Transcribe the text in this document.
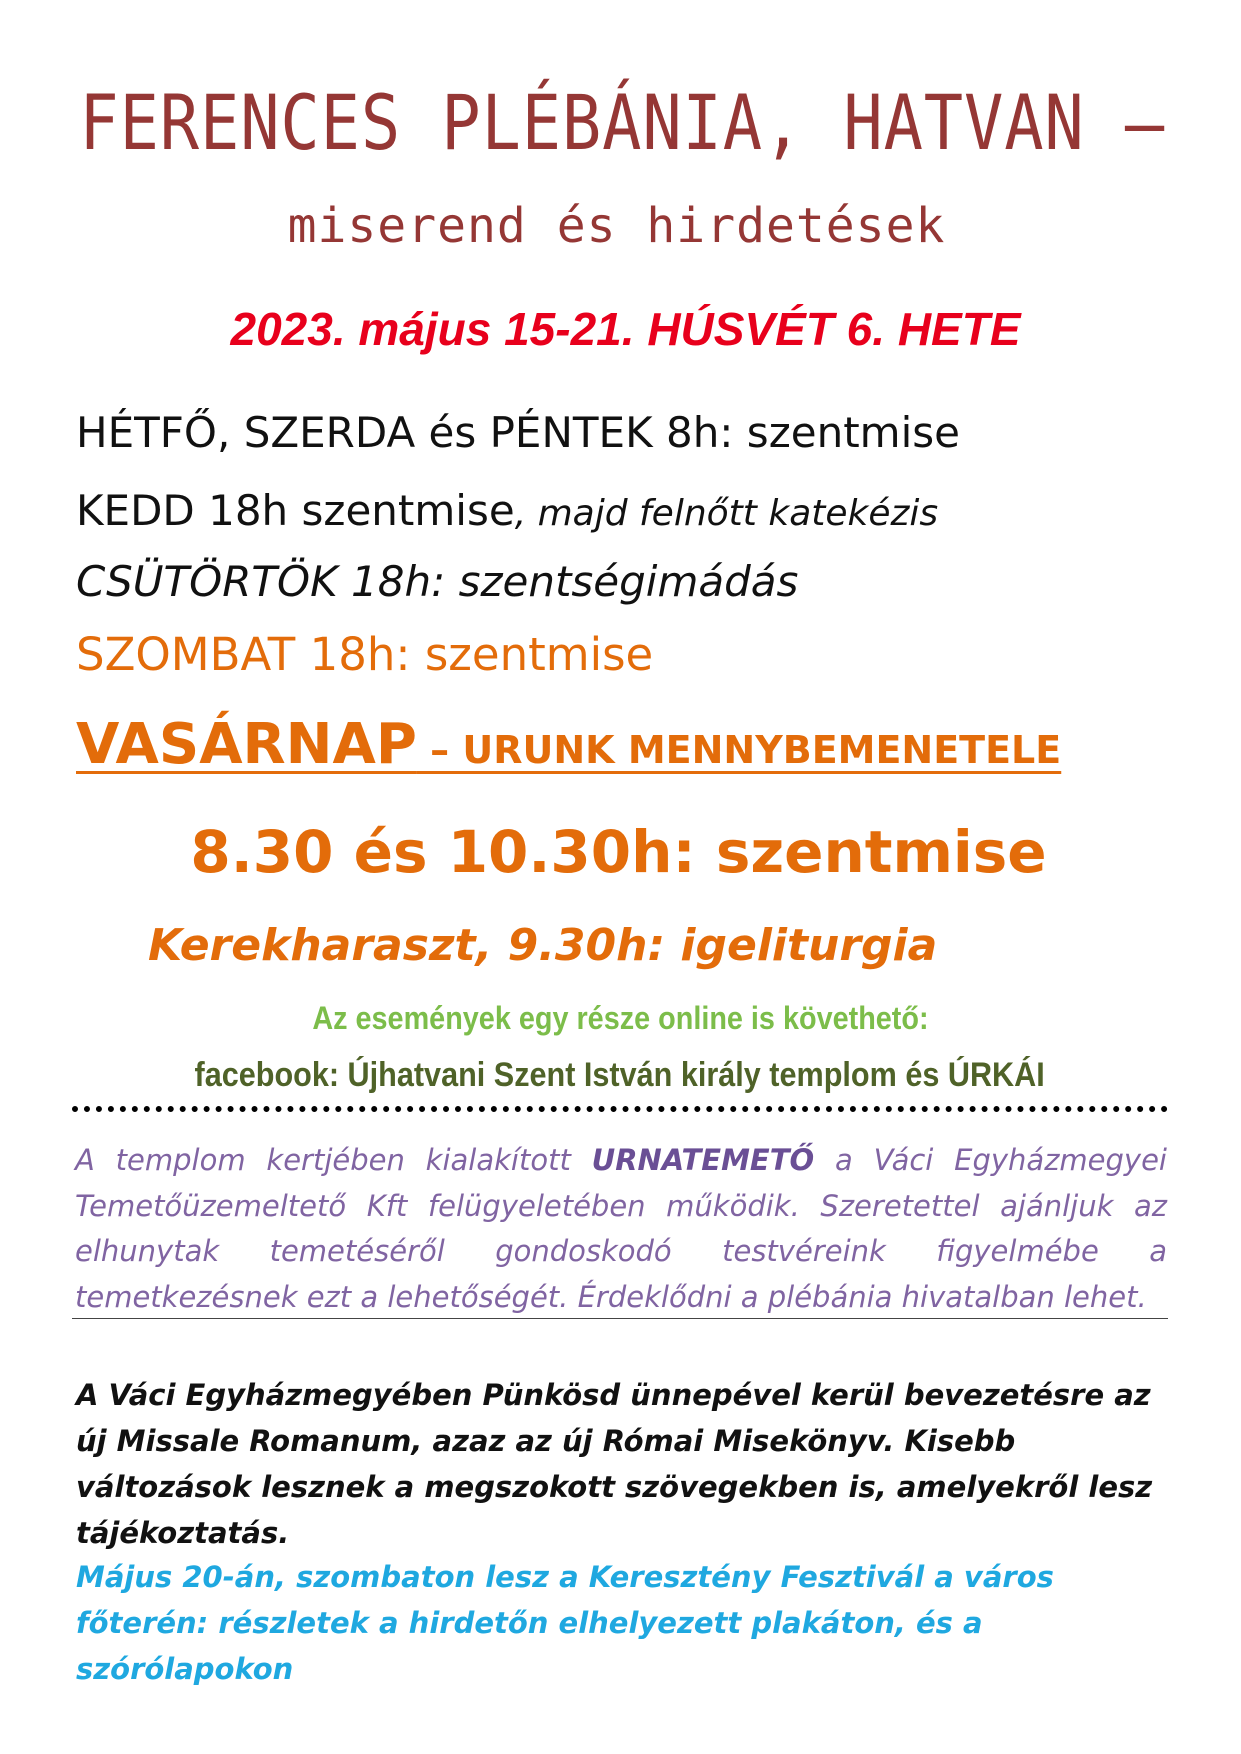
FERENCES PLÉBÁNIA, HATVAN –
miserend és hirdetések
2023. május 15-21. HÚSVÉT 6. HETE
HÉTFŐ, SZERDA és PÉNTEK 8h: szentmise
KEDD 18h szentmise, majd felnőtt katekézis
CSÜTÖRTÖK 18h: szentségimádás
SZOMBAT 18h: szentmise
VASÁRNAP – URUNK MENNYBEMENETELE
8.30 és 10.30h: szentmise
Kerekharaszt, 9.30h: igeliturgia
Az események egy része online is követhető:
facebook: Újhatvani Szent István király templom és ÚRKÁI
A templom kertjében kialakított URNATEMETŐ a Váci Egyházmegyei Temetőüzemeltető Kft felügyeletében működik. Szeretettel ajánljuk az elhunytak temetéséről gondoskodó testvéreink figyelmébe a temetkezésnek ezt a lehetőségét. Érdeklődni a plébánia hivatalban lehet.
A Váci Egyházmegyében Pünkösd ünnepével kerül bevezetésre az új Missale Romanum, azaz az új Római Misekönyv. Kisebb változások lesznek a megszokott szövegekben is, amelyekről lesz tájékoztatás.
Május 20-án, szombaton lesz a Keresztény Fesztivál a város főterén: részletek a hirdetőn elhelyezett plakáton, és a szórólapokon
